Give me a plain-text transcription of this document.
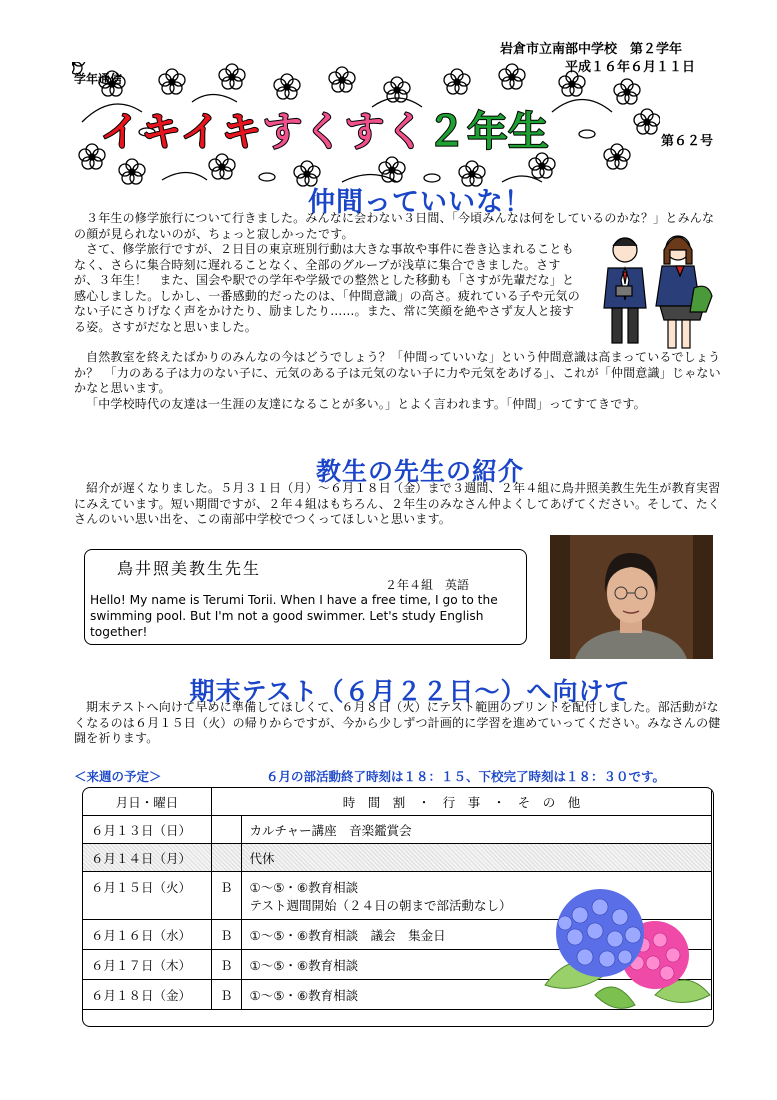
岩倉市立南部中学校　第２学年
平成１６年６月１１日
学年通信
第６２号
イキイキすくすく２年生
仲間っていいな！
３年生の修学旅行について行きました。みんなに会わない３日間、「今頃みんなは何をしているのかな？」とみんなの顔が見られないのが、ちょっと寂しかったです。
さて、修学旅行ですが、２日目の東京班別行動は大きな事故や事件に巻き込まれることもなく、さらに集合時刻に遅れることなく、全部のグループが浅草に集合できました。さすが、３年生！　また、国会や駅での学年や学級での整然とした移動も「さすが先輩だな」と感心しました。しかし、一番感動的だったのは、「仲間意識」の高さ。疲れている子や元気のない子にさりげなく声をかけたり、励ましたり……。また、常に笑顔を絶やさず友人と接する姿。さすがだなと思いました。
自然教室を終えたばかりのみんなの今はどうでしょう？「仲間っていいな」という仲間意識は高まっているでしょうか？　「力のある子は力のない子に、元気のある子は元気のない子に力や元気をあげる」、これが「仲間意識」じゃないかなと思います。
「中学校時代の友達は一生涯の友達になることが多い。」とよく言われます。「仲間」ってすてきです。
教生の先生の紹介
紹介が遅くなりました。５月３１日（月）～６月１８日（金）まで３週間、２年４組に鳥井照美教生先生が教育実習にみえています。短い期間ですが、２年４組はもちろん、２年生のみなさん仲よくしてあげてください。そして、たくさんのいい思い出を、この南部中学校でつくってほしいと思います。
鳥井照美教生先生
２年４組　英語
Hello! My name is Terumi Torii. When I have a free time, I go to the swimming pool. But I'm not a good swimmer. Let's study English together!
期末テスト（６月２２日～）へ向けて
期末テストへ向けて早めに準備してほしくて、６月８日（火）にテスト範囲のプリントを配付しました。部活動がなくなるのは６月１５日（火）の帰りからですが、今から少しずつ計画的に学習を進めていってください。みなさんの健闘を祈ります。
＜来週の予定＞	６月の部活動終了時刻は１８：１５、下校完了時刻は１８：３０です。
月日・曜日	時　間　割　・　行　事　・　そ　の　他	
６月１３日（日）		カルチャー講座　音楽鑑賞会
６月１４日（月）		代休
６月１５日（火）	Ｂ	①～⑤・⑥教育相談
テスト週間開始（２４日の朝まで部活動なし）

６月１６日（水）	Ｂ	①～⑤・⑥教育相談　議会　集金日
６月１７日（木）	Ｂ	①～⑤・⑥教育相談
６月１８日（金）	Ｂ	①～⑤・⑥教育相談
